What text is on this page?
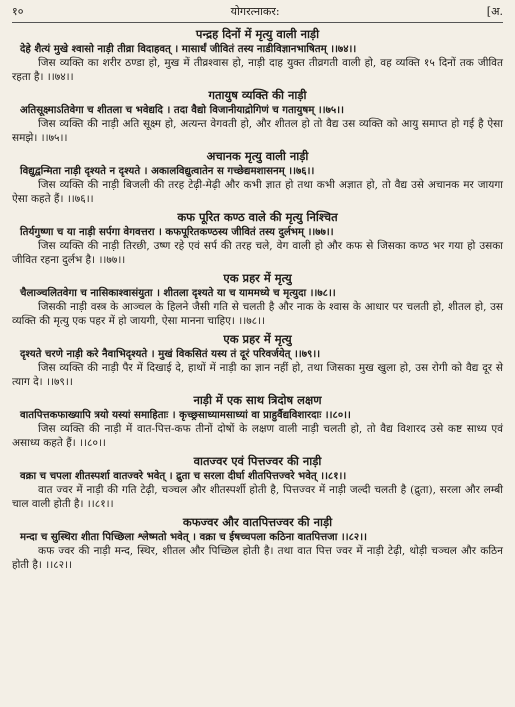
१०	योगरत्नाकर:	[अ.
पन्द्रह दिनों में मृत्यु वाली नाड़ी
देहे शैत्यं मुखे श्वासो नाड़ी तीव्रा विदाहवत् । मासार्धं जीवितं तस्य नाडीविज्ञानभाषितम् ।।७४।।
जिस व्यक्ति का शरीर ठण्डा हो, मुख में तीव्रश्वास हो, नाड़ी दाह युक्त तीव्रगती वाली हो, वह व्यक्ति १५ दिनों तक जीवित रहता है। ।।७४।।
गतायुष व्यक्ति की नाड़ी
अतिसूक्ष्माऽतिवेगा च शीतला च भवेद्यदि । तदा वैद्यो विजानीयाद्रोगिणं च गतायुषम् ।।७५।।
जिस व्यक्ति की नाड़ी अति सूक्ष्म हो, अत्यन्त वेगवती हो, और शीतल हो तो वैद्य उस व्यक्ति को आयु समाप्त हो गई है ऐसा समझे। ।।७५।।
अचानक मृत्यु वाली नाड़ी
विद्युद्वन्मिता नाड़ी दृश्यते न दृश्यते । अकालविद्युत्वातेन स गच्छेद्यमशासनम् ।।७६।।
जिस व्यक्ति की नाड़ी बिजली की तरह टेढ़ी-मेढ़ी और कभी ज्ञात हो तथा कभी अज्ञात हो, तो वैद्य उसे अचानक मर जायगा ऐसा कहते हैं। ।।७६।।
कफ पूरित कण्ठ वाले की मृत्यु निश्चित
तिर्यगुष्णा च या नाड़ी सर्पगा वेगवत्तरा । कफपूरितकण्ठस्य जीवितं तस्य दुर्लभम् ।।७७।।
जिस व्यक्ति की नाड़ी तिरछी, उष्ण रहे एवं सर्प की तरह चले, वेग वाली हो और कफ से जिसका कण्ठ भर गया हो उसका जीवित रहना दुर्लभ है। ।।७७।।
एक प्रहर में मृत्यु
चैलाञ्चलितवेगा च नासिकाश्वासंयुता । शीतला दृश्यते या च याममध्ये च मृत्युदा ।।७८।।
जिसकी नाड़ी वस्त्र के आञ्चल के हिलने जैसी गति से चलती है और नाक के श्वास के आधार पर चलती हो, शीतल हो, उस व्यक्ति की मृत्यु एक पहर में हो जायगी, ऐसा मानना चाहिए। ।।७८।।
एक प्रहर में मृत्यु
दृश्यते चरणे नाड़ी करे नैवाभिदृश्यते । मुखं विकसितं यस्य तं दूरं परिवर्जयेत् ।।७९।।
जिस व्यक्ति की नाड़ी पैर में दिखाई दे, हाथों में नाड़ी का ज्ञान नहीं हो, तथा जिसका मुख खुला हो, उस रोगी को वैद्य दूर से त्याग दे। ।।७९।।
नाड़ी में एक साथ त्रिदोष लक्षण
वातपित्तकफाख्यापि त्रयो यस्यां समाहिताः । कृच्छ्रसाध्यामसाध्यां वा प्राहुर्वैद्यविशारदाः ।।८०।।
जिस व्यक्ति की नाड़ी में वात-पित्त-कफ तीनों दोषों के लक्षण वाली नाड़ी चलती हो, तो वैद्य विशारद उसे कष्ट साध्य एवं असाध्य कहते हैं। ।।८०।।
वातज्वर एवं पित्तज्वर की नाड़ी
वक्रा च चपला शीतस्पर्शा वातज्वरे भवेत् । द्रुता च सरला दीर्घा शीतपित्तज्वरे भवेत् ।।८१।।
वात ज्वर में नाड़ी की गति टेढ़ी, चञ्चल और शीतस्पर्शी होती है, पित्तज्वर में नाड़ी जल्दी चलती है (द्रुता), सरला और लम्बी चाल वाली होती है। ।।८१।।
कफज्वर और वातपित्तज्वर की नाड़ी
मन्दा च सुस्थिरा शीता पिच्छिला श्लेष्मतो भवेत् । वक्रा च ईषच्चपला कठिना वातपित्तजा ।।८२।।
कफ ज्वर की नाड़ी मन्द, स्थिर, शीतल और पिच्छिल होती है। तथा वात पित्त ज्वर में नाड़ी टेढ़ी, थोड़ी चञ्चल और कठिन होती है। ।।८२।।
